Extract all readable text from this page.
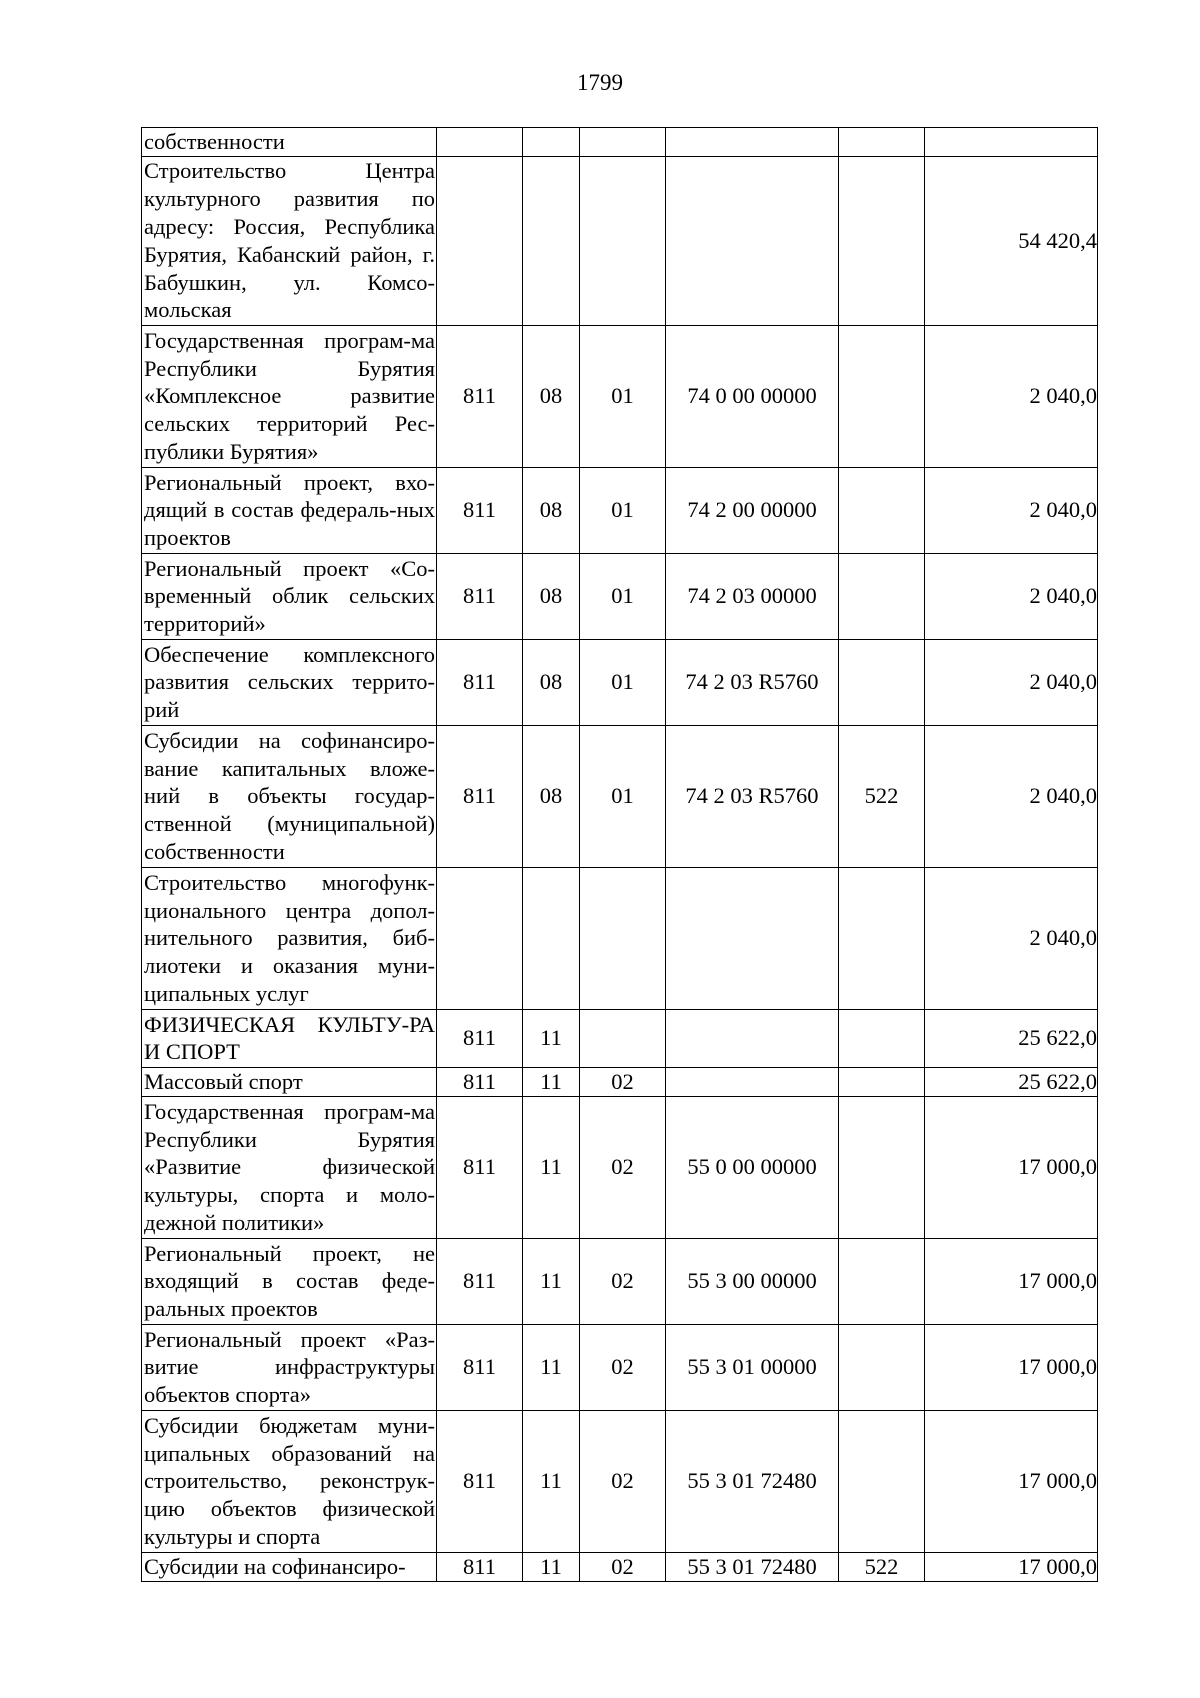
1799
собственности						
Строительство Центра культурного развития по адресу: Россия, Республика Бурятия, Кабанский район, г. Бабушкин, ул. Комсо-мольская						54 420,4
Государственная програм-ма Республики Бурятия «Комплексное развитие сельских территорий Рес-публики Бурятия»	811	08	01	74 0 00 00000		2 040,0
Региональный проект, вхо-дящий в состав федераль-ных проектов	811	08	01	74 2 00 00000		2 040,0
Региональный проект «Со-временный облик сельских территорий»	811	08	01	74 2 03 00000		2 040,0
Обеспечение комплексного развития сельских террито-рий	811	08	01	74 2 03 R5760		2 040,0
Субсидии на софинансиро-вание капитальных вложе-ний в объекты государ-ственной (муниципальной) собственности	811	08	01	74 2 03 R5760	522	2 040,0
Строительство многофунк-ционального центра допол-нительного развития, биб-лиотеки и оказания муни-ципальных услуг						2 040,0
ФИЗИЧЕСКАЯ КУЛЬТУ-РА И СПОРТ	811	11				25 622,0
Массовый спорт	811	11	02			25 622,0
Государственная програм-ма Республики Бурятия «Развитие физической культуры, спорта и моло-дежной политики»	811	11	02	55 0 00 00000		17 000,0
Региональный проект, не входящий в состав феде-ральных проектов	811	11	02	55 3 00 00000		17 000,0
Региональный проект «Раз-витие инфраструктуры объектов спорта»	811	11	02	55 3 01 00000		17 000,0
Субсидии бюджетам муни-ципальных образований на строительство, реконструк-цию объектов физической культуры и спорта	811	11	02	55 3 01 72480		17 000,0
Субсидии на софинансиро-	811	11	02	55 3 01 72480	522	17 000,0
